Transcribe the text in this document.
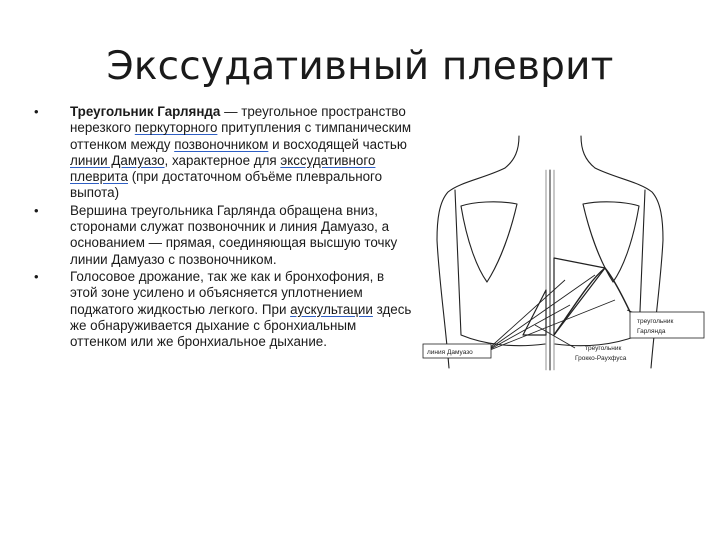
Экссудативный плеврит
• Треугольник Гарлянда — треугольное пространство нерезкого перкуторного притупления с тимпаническим оттенком между позвоночником и восходящей частью линии Дамуазо, характерное для экссудативного плеврита (при достаточном объёме плеврального выпота)
• Вершина треугольника Гарлянда обращена вниз, сторонами служат позвоночник и линия Дамуазо, а основанием — прямая, соединяющая высшую точку линии Дамуазо с позвоночником.
• Голосовое дрожание, так же как и бронхофония, в этой зоне усилено и объясняется уплотнением поджатого жидкостью легкого. При аускультации здесь же обнаруживается дыхание с бронхиальным оттенком или же бронхиальное дыхание.
треугольник
Гарлянда
линия Дамуазо
треугольник
Грокко-Раухфуса
